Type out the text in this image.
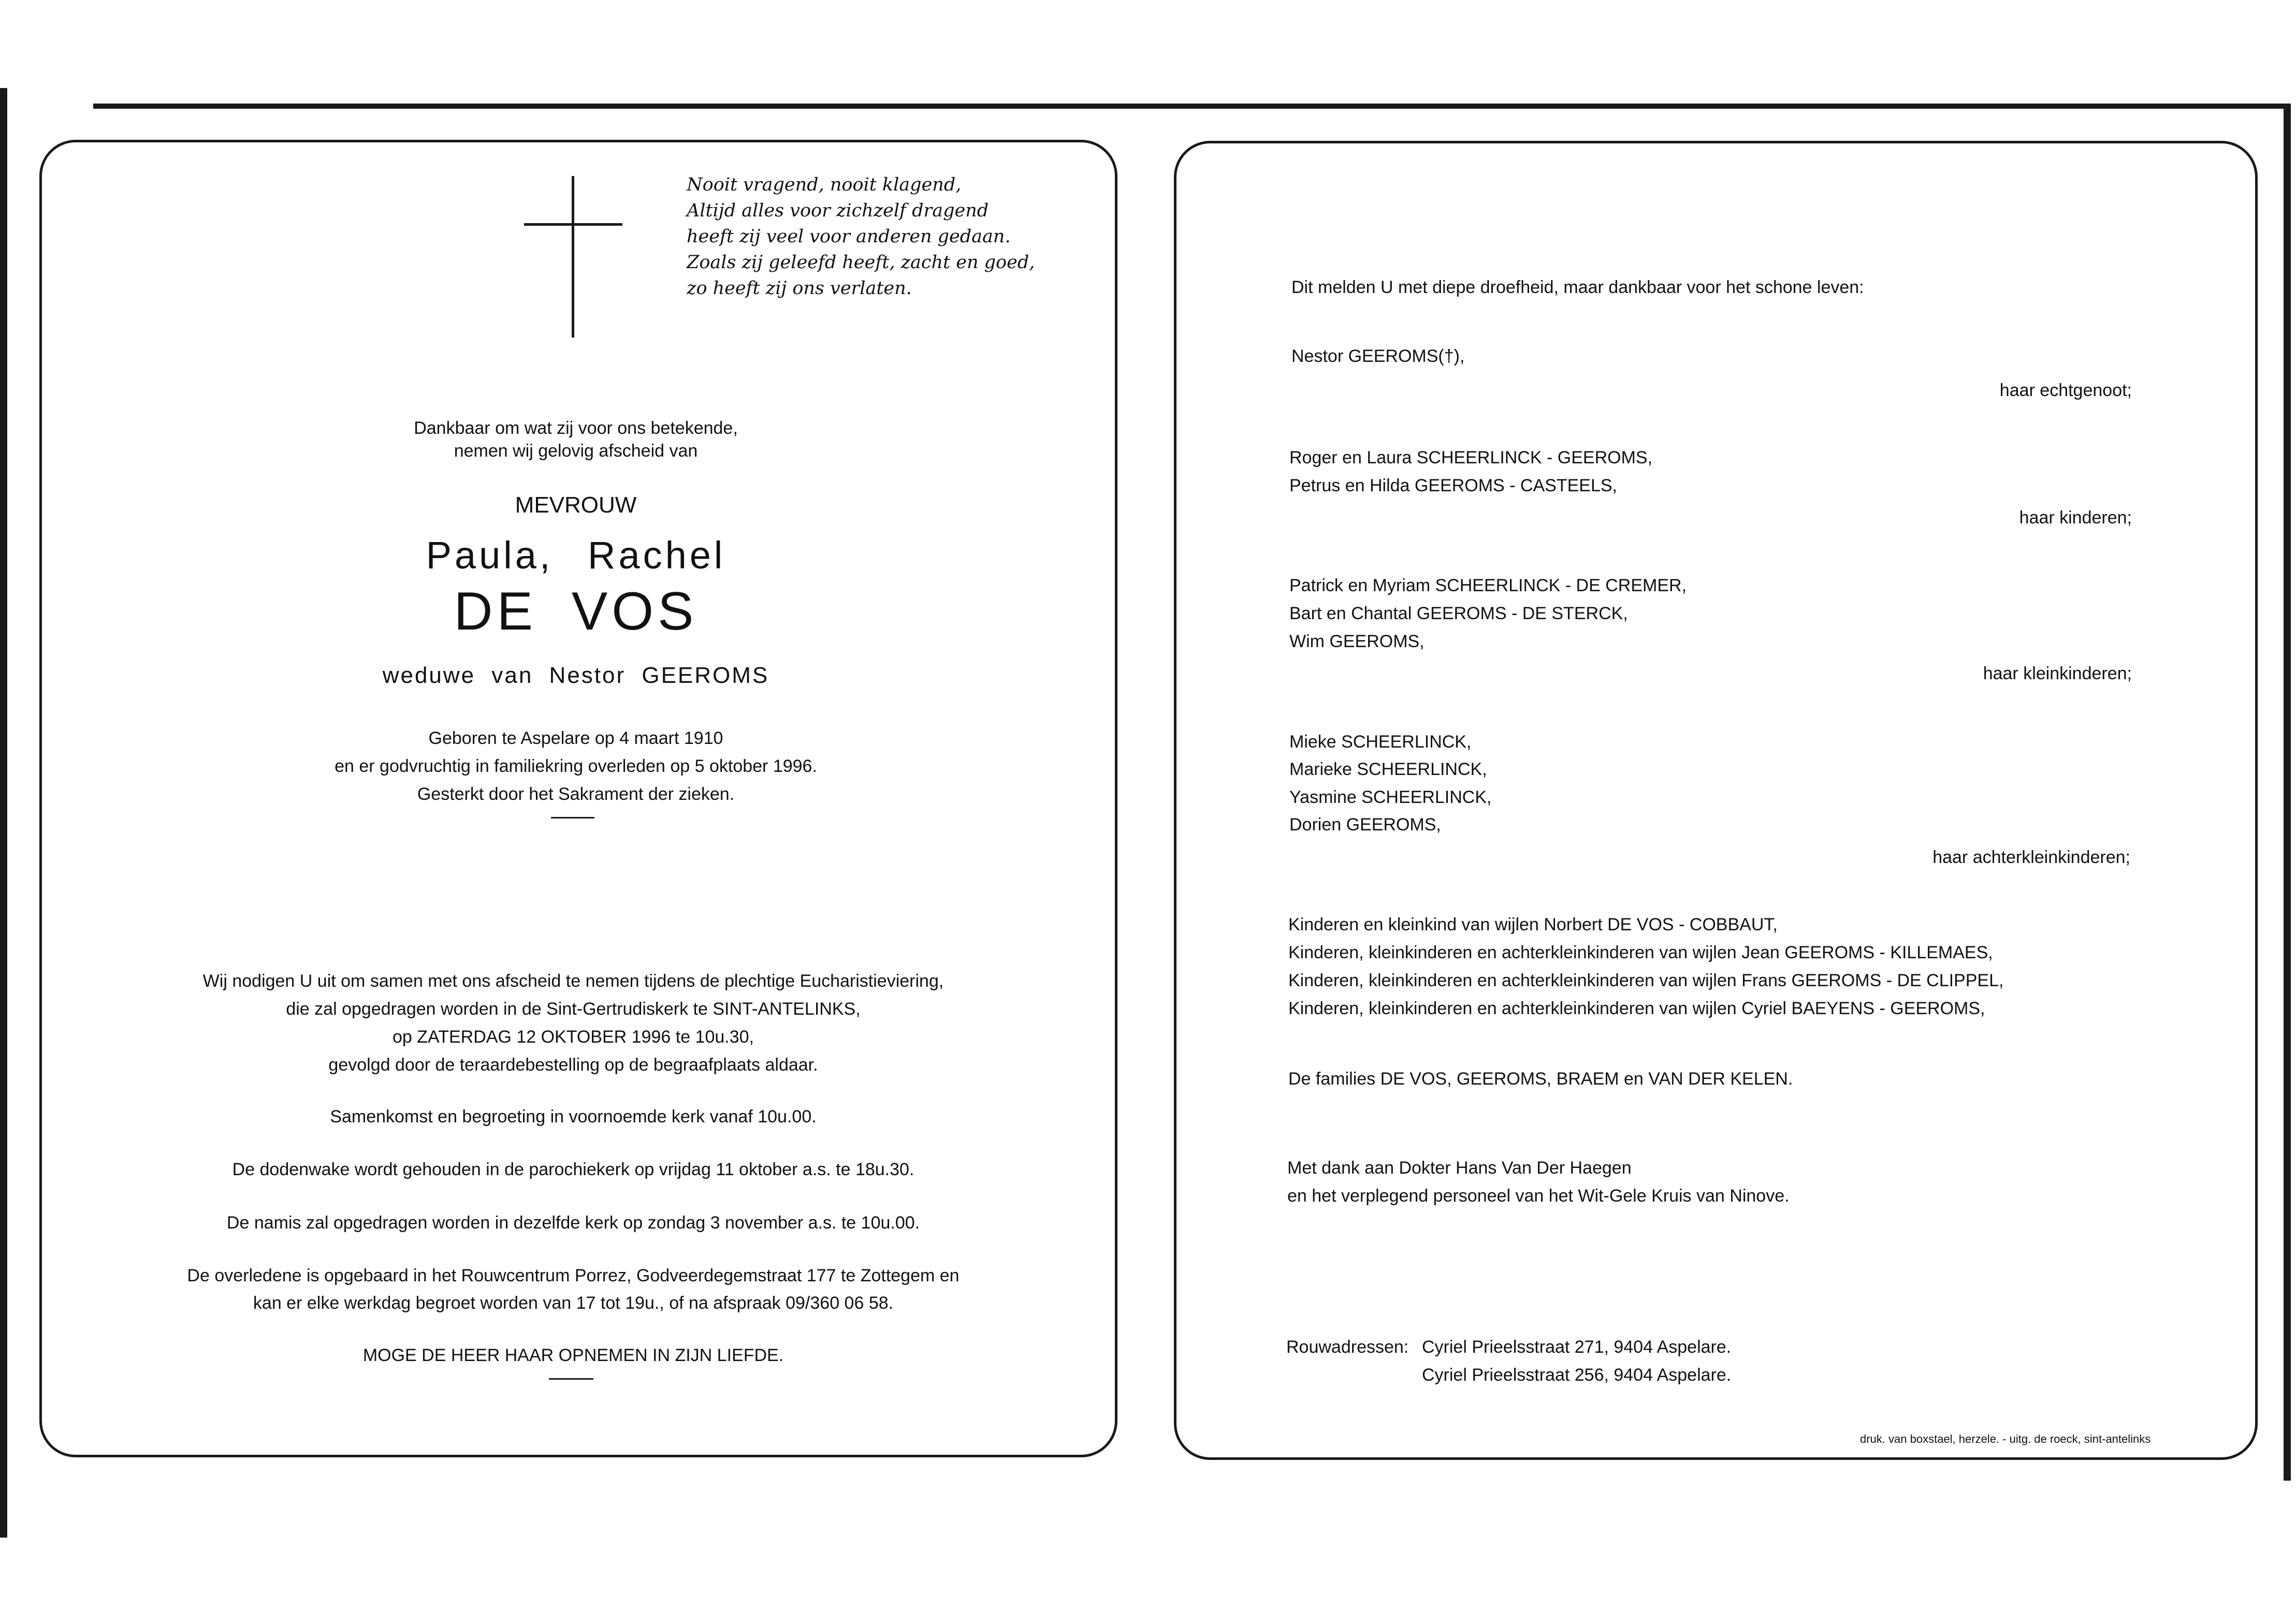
Nooit vragend, nooit klagend,
Altijd alles voor zichzelf dragend
heeft zij veel voor anderen gedaan.
Zoals zij geleefd heeft, zacht en goed,
zo heeft zij ons verlaten.
Dankbaar om wat zij voor ons betekende,
nemen wij gelovig afscheid van
MEVROUW
Paula, Rachel
DE VOS
weduwe van Nestor GEEROMS
Geboren te Aspelare op 4 maart 1910
en er godvruchtig in familiekring overleden op 5 oktober 1996.
Gesterkt door het Sakrament der zieken.
Wij nodigen U uit om samen met ons afscheid te nemen tijdens de plechtige Eucharistieviering,
die zal opgedragen worden in de Sint-Gertrudiskerk te SINT-ANTELINKS,
op ZATERDAG 12 OKTOBER 1996 te 10u.30,
gevolgd door de teraardebestelling op de begraafplaats aldaar.
Samenkomst en begroeting in voornoemde kerk vanaf 10u.00.
De dodenwake wordt gehouden in de parochiekerk op vrijdag 11 oktober a.s. te 18u.30.
De namis zal opgedragen worden in dezelfde kerk op zondag 3 november a.s. te 10u.00.
De overledene is opgebaard in het Rouwcentrum Porrez, Godveerdegemstraat 177 te Zottegem en
kan er elke werkdag begroet worden van 17 tot 19u., of na afspraak 09/360 06 58.
MOGE DE HEER HAAR OPNEMEN IN ZIJN LIEFDE.
Dit melden U met diepe droefheid, maar dankbaar voor het schone leven:
Nestor GEEROMS(†),
haar echtgenoot;
Roger en Laura SCHEERLINCK - GEEROMS,
Petrus en Hilda GEEROMS - CASTEELS,
haar kinderen;
Patrick en Myriam SCHEERLINCK - DE CREMER,
Bart en Chantal GEEROMS - DE STERCK,
Wim GEEROMS,
haar kleinkinderen;
Mieke SCHEERLINCK,
Marieke SCHEERLINCK,
Yasmine SCHEERLINCK,
Dorien GEEROMS,
haar achterkleinkinderen;
Kinderen en kleinkind van wijlen Norbert DE VOS - COBBAUT,
Kinderen, kleinkinderen en achterkleinkinderen van wijlen Jean GEEROMS - KILLEMAES,
Kinderen, kleinkinderen en achterkleinkinderen van wijlen Frans GEEROMS - DE CLIPPEL,
Kinderen, kleinkinderen en achterkleinkinderen van wijlen Cyriel BAEYENS - GEEROMS,
De families DE VOS, GEEROMS, BRAEM en VAN DER KELEN.
Met dank aan Dokter Hans Van Der Haegen
en het verplegend personeel van het Wit-Gele Kruis van Ninove.
Rouwadressen: Cyriel Prieelsstraat 271, 9404 Aspelare.
Cyriel Prieelsstraat 256, 9404 Aspelare.
druk. van boxstael, herzele. - uitg. de roeck, sint-antelinks
